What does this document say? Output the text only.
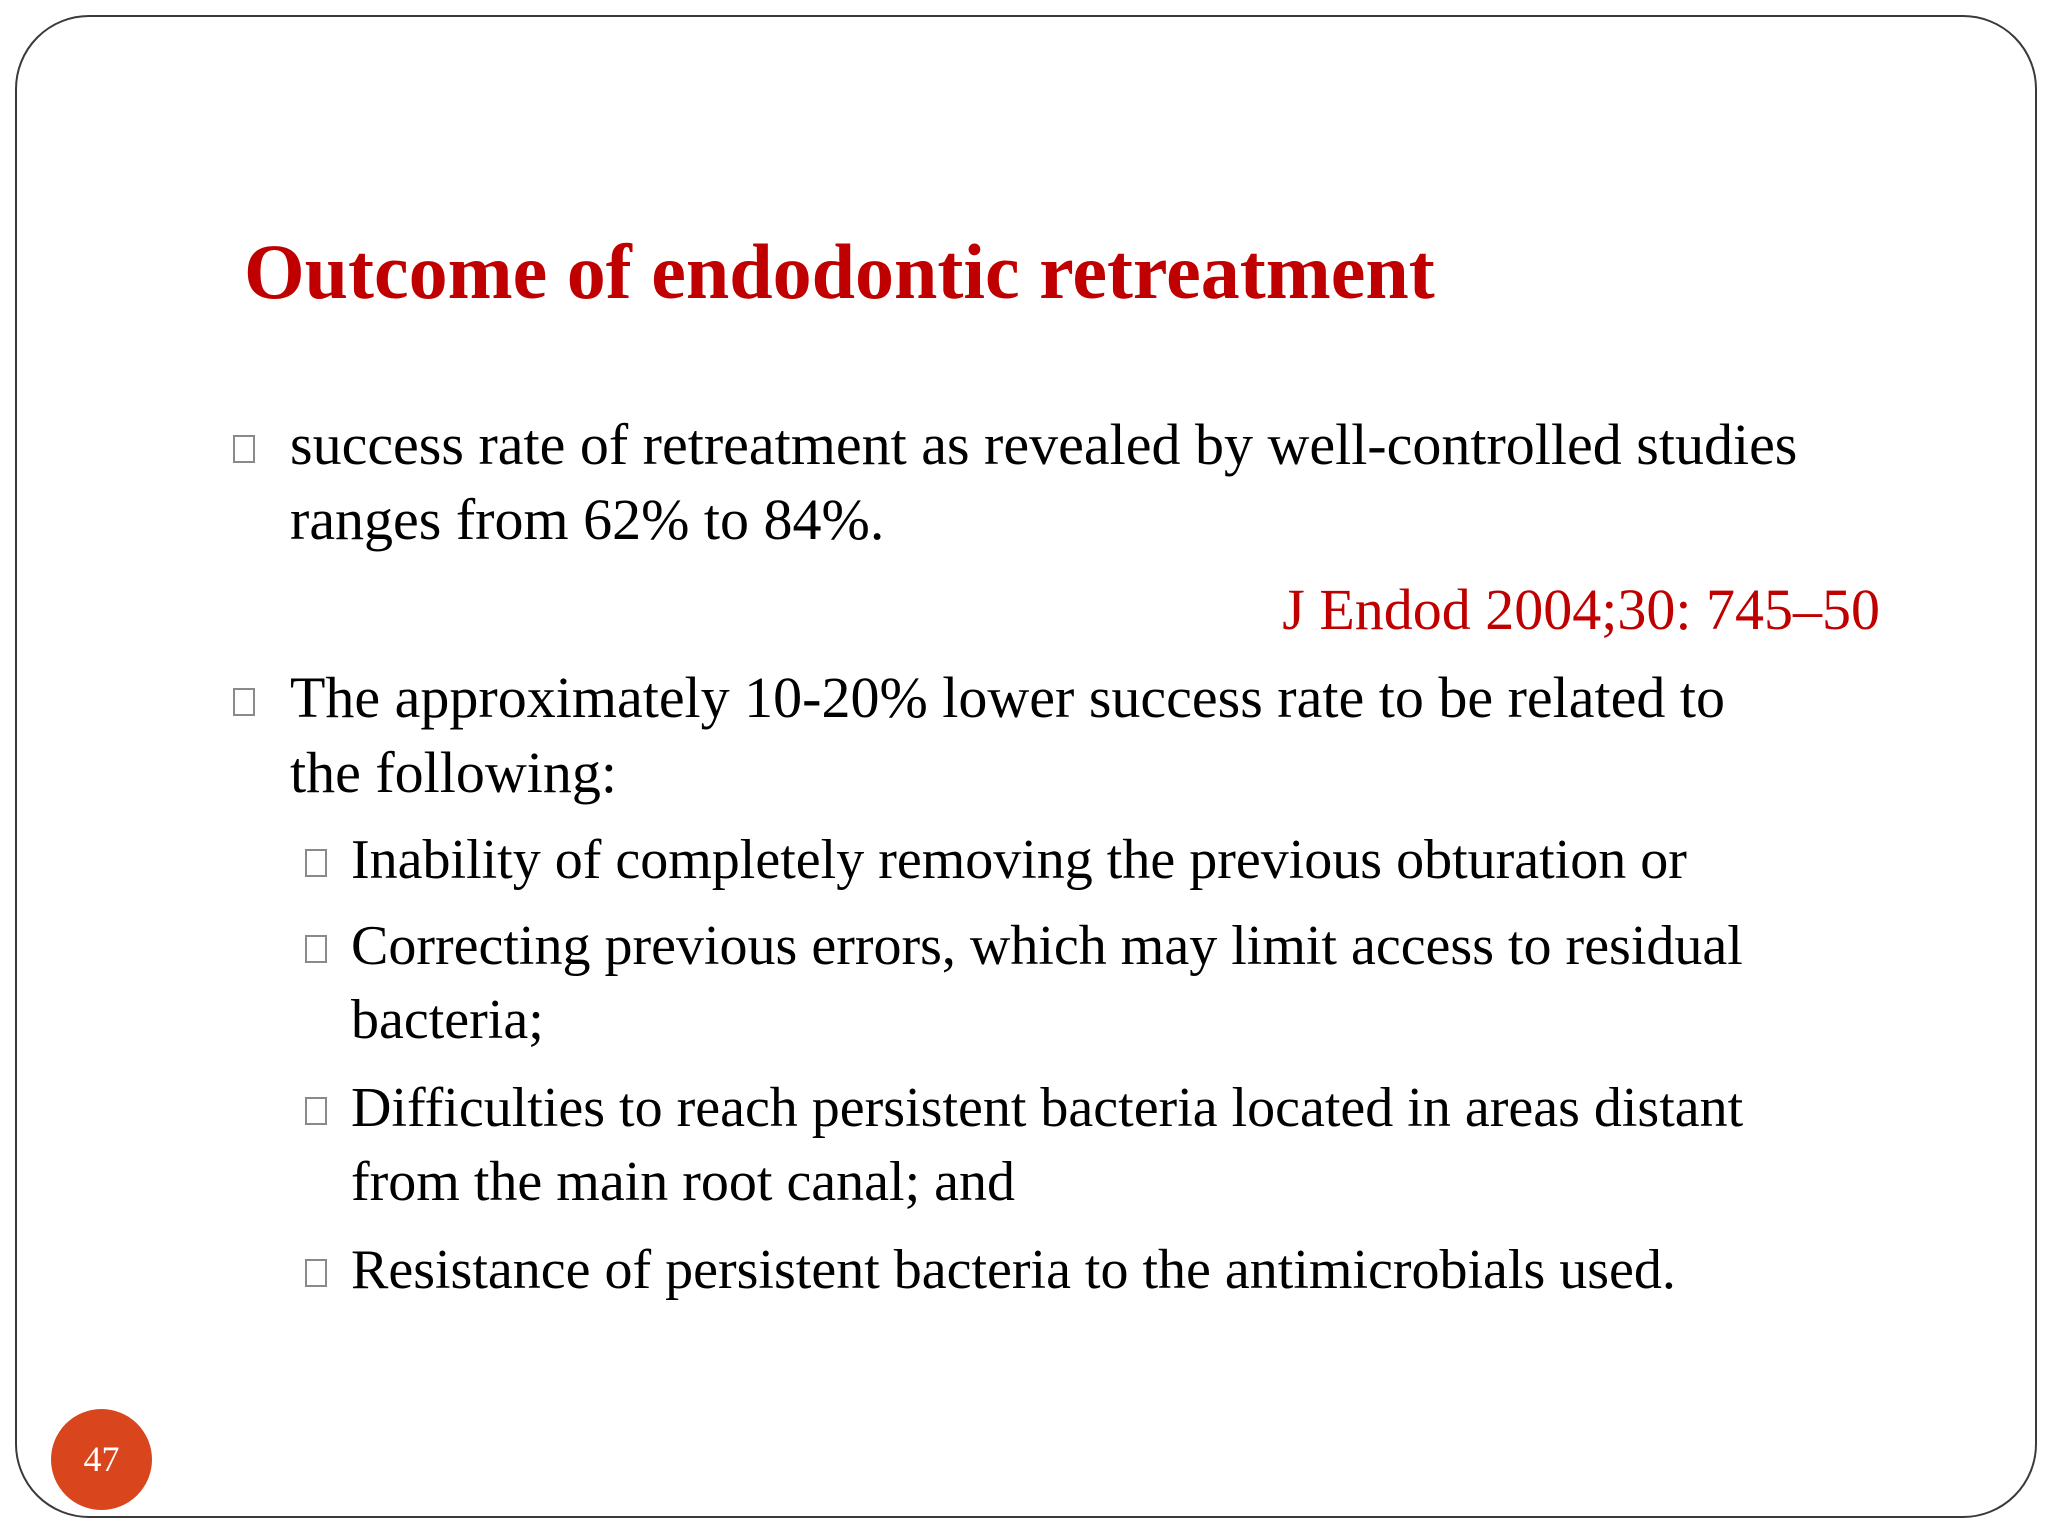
Outcome of endodontic retreatment
success rate of retreatment as revealed by well-controlled studies
ranges from 62% to 84%.
J Endod 2004;30: 745–50
The approximately 10-20% lower success rate to be related to
the following:
Inability of completely removing the previous obturation or
Correcting previous errors, which may limit access to residual
bacteria;
Difficulties to reach persistent bacteria located in areas distant
from the main root canal; and
Resistance of persistent bacteria to the antimicrobials used.
47
